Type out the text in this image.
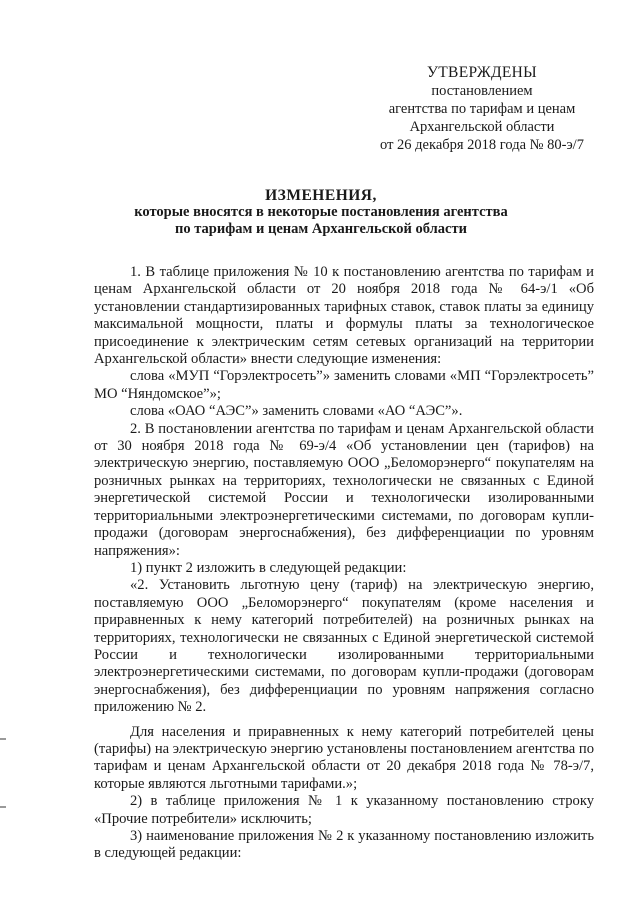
УТВЕРЖДЕНЫ
постановлением
агентства по тарифам и ценам
Архангельской области
от 26 декабря 2018 года № 80-э/7
ИЗМЕНЕНИЯ,
которые вносятся в некоторые постановления агентства
по тарифам и ценам Архангельской области

1. В таблице приложения № 10 к постановлению агентства по тарифам и ценам Архангельской области от 20 ноября 2018 года № 64-э/1 «Об установлении стандартизированных тарифных ставок, ставок платы за единицу максимальной мощности, платы и формулы платы за технологическое присоединение к электрическим сетям сетевых организаций на территории Архангельской области» внести следующие изменения:

слова «МУП “Горэлектросеть”» заменить словами «МП “Горэлектросеть” МО “Няндомское”»;

слова «ОАО “АЭС”» заменить словами «АО “АЭС”».

2. В постановлении агентства по тарифам и ценам Архангельской области от 30 ноября 2018 года № 69-э/4 «Об установлении цен (тарифов) на электрическую энергию, поставляемую ООО „Беломорэнерго“ покупателям на розничных рынках на территориях, технологически не связанных с Единой энергетической системой России и технологически изолированными территориальными электроэнергетическими системами, по договорам купли-продажи (договорам энергоснабжения), без дифференциации по уровням напряжения»:

1) пункт 2 изложить в следующей редакции:

«2. Установить льготную цену (тариф) на электрическую энергию, поставляемую ООО „Беломорэнерго“ покупателям (кроме населения и приравненных к нему категорий потребителей) на розничных рынках на территориях, технологически не связанных с Единой энергетической системой России и технологически изолированными территориальными электроэнергетическими системами, по договорам купли-продажи (договорам энергоснабжения), без дифференциации по уровням напряжения согласно приложению № 2.

Для населения и приравненных к нему категорий потребителей цены (тарифы) на электрическую энергию установлены постановлением агентства по тарифам и ценам Архангельской области от 20 декабря 2018 года № 78-э/7, которые являются льготными тарифами.»;

2) в таблице приложения № 1 к указанному постановлению строку «Прочие потребители» исключить;

3) наименование приложения № 2 к указанному постановлению изложить в следующей редакции:
